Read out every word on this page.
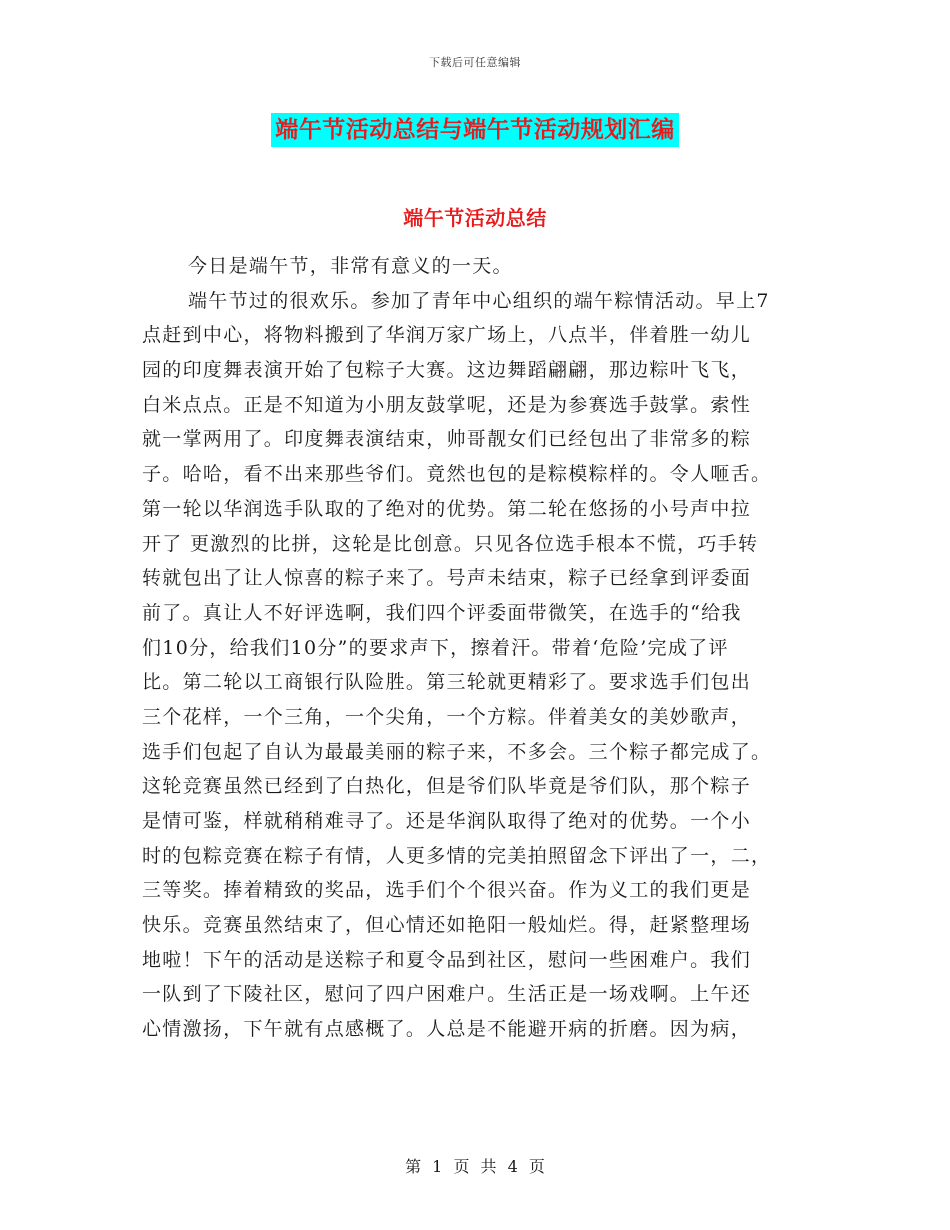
下载后可任意编辑
端午节活动总结与端午节活动规划汇编
端午节活动总结
今日是端午节，非常有意义的一天。
端午节过的很欢乐。参加了青年中心组织的端午粽情活动。早上7
点赶到中心，将物料搬到了华润万家广场上，八点半，伴着胜一幼儿
园的印度舞表演开始了包粽子大赛。这边舞蹈翩翩，那边粽叶飞飞，
白米点点。正是不知道为小朋友鼓掌呢，还是为参赛选手鼓掌。索性
就一掌两用了。印度舞表演结束，帅哥靓女们已经包出了非常多的粽
子。哈哈，看不出来那些爷们。竟然也包的是粽模粽样的。令人咂舌。
第一轮以华润选手队取的了绝对的优势。第二轮在悠扬的小号声中拉
开了 更激烈的比拼，这轮是比创意。只见各位选手根本不慌，巧手转
转就包出了让人惊喜的粽子来了。号声未结束，粽子已经拿到评委面
前了。真让人不好评选啊，我们四个评委面带微笑，在选手的“给我
们10分，给我们10分”的要求声下，擦着汗。带着‘危险’完成了评
比。第二轮以工商银行队险胜。第三轮就更精彩了。要求选手们包出
三个花样，一个三角，一个尖角，一个方粽。伴着美女的美妙歌声，
选手们包起了自认为最最美丽的粽子来，不多会。三个粽子都完成了。
这轮竞赛虽然已经到了白热化，但是爷们队毕竟是爷们队，那个粽子
是情可鉴，样就稍稍难寻了。还是华润队取得了绝对的优势。一个小
时的包粽竞赛在粽子有情，人更多情的完美拍照留念下评出了一，二，
三等奖。捧着精致的奖品，选手们个个很兴奋。作为义工的我们更是
快乐。竞赛虽然结束了，但心情还如艳阳一般灿烂。得，赶紧整理场
地啦！下午的活动是送粽子和夏令品到社区，慰问一些困难户。我们
一队到了下陵社区，慰问了四户困难户。生活正是一场戏啊。上午还
心情激扬，下午就有点感概了。人总是不能避开病的折磨。因为病，
第 1 页 共 4 页
